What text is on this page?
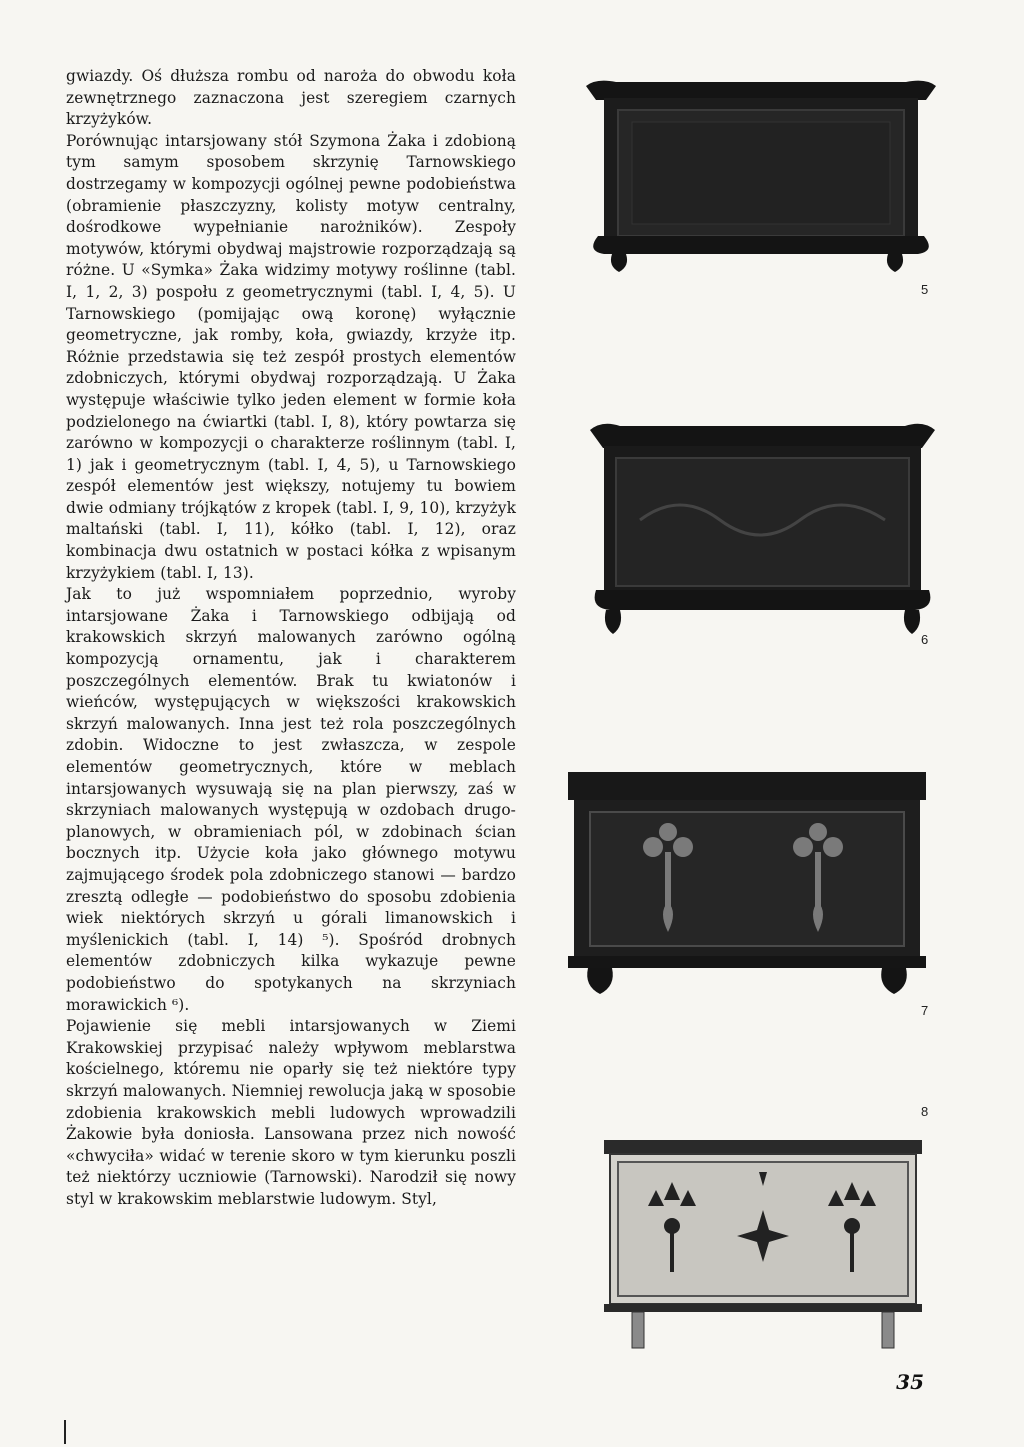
gwiazdy. Oś dłuższa rombu od naroża do obwodu koła zewnętrznego zaznaczona jest szeregiem czarnych krzyżyków.

Porównując intarsjowany stół Szymona Żaka i zdobioną tym samym sposobem skrzynię Tarnowskiego dostrzegamy w kompozycji ogólnej pewne podobieństwa (obramienie płaszczyzny, kolisty motyw centralny, dośrodkowe wypełnianie narożników). Zespoły motywów, którymi obydwaj majstrowie rozporządzają są różne. U «Symka» Żaka widzimy motywy roślinne (tabl. I, 1, 2, 3) pospołu z geometrycznymi (tabl. I, 4, 5). U Tarnowskiego (pomijając ową koronę) wyłącznie geometryczne, jak romby, koła, gwiazdy, krzyże itp. Różnie przedstawia się też zespół prostych elementów zdobniczych, którymi obydwaj rozporządzają. U Żaka występuje właściwie tylko jeden element w formie koła podzielonego na ćwiartki (tabl. I, 8), który powtarza się zarówno w kompozycji o charakterze roślinnym (tabl. I, 1) jak i geometrycznym (tabl. I, 4, 5), u Tarnowskiego zespół elementów jest większy, notujemy tu bowiem dwie odmiany trójkątów z kropek (tabl. I, 9, 10), krzyżyk maltański (tabl. I, 11), kółko (tabl. I, 12), oraz kombinacja dwu ostatnich w postaci kółka z wpisanym krzyżykiem (tabl. I, 13).

Jak to już wspomniałem poprzednio, wyroby intarsjowane Żaka i Tarnowskiego odbijają od krakowskich skrzyń malowanych zarówno ogólną kompozycją ornamentu, jak i charakterem poszczególnych elementów. Brak tu kwiatonów i wieńców, występujących w większości krakowskich skrzyń malowanych. Inna jest też rola poszczególnych zdobin. Widoczne to jest zwłaszcza, w zespole elementów geometrycznych, które w meblach intarsjowanych wysuwają się na plan pierwszy, zaś w skrzyniach malowanych występują w ozdobach drugo-planowych, w obramieniach pól, w zdobinach ścian bocznych itp. Użycie koła jako głównego motywu zajmującego środek pola zdobniczego stanowi — bardzo zresztą odległe — podobieństwo do sposobu zdobienia wiek niektórych skrzyń u górali limanowskich i myślenickich (tabl. I, 14) ⁵). Spośród drobnych elementów zdobniczych kilka wykazuje pewne podobieństwo do spotykanych na skrzyniach morawickich ⁶).

Pojawienie się mebli intarsjowanych w Ziemi Krakowskiej przypisać należy wpływom meblarstwa kościelnego, któremu nie oparły się też niektóre typy skrzyń malowanych. Niemniej rewolucja jaką w sposobie zdobienia krakowskich mebli ludowych wprowadzili Żakowie była doniosła. Lansowana przez nich nowość «chwyciła» widać w terenie skoro w tym kierunku poszli też niektórzy uczniowie (Tarnowski). Narodził się nowy styl w krakowskim meblarstwie ludowym. Styl,

5
6
7
8
35
